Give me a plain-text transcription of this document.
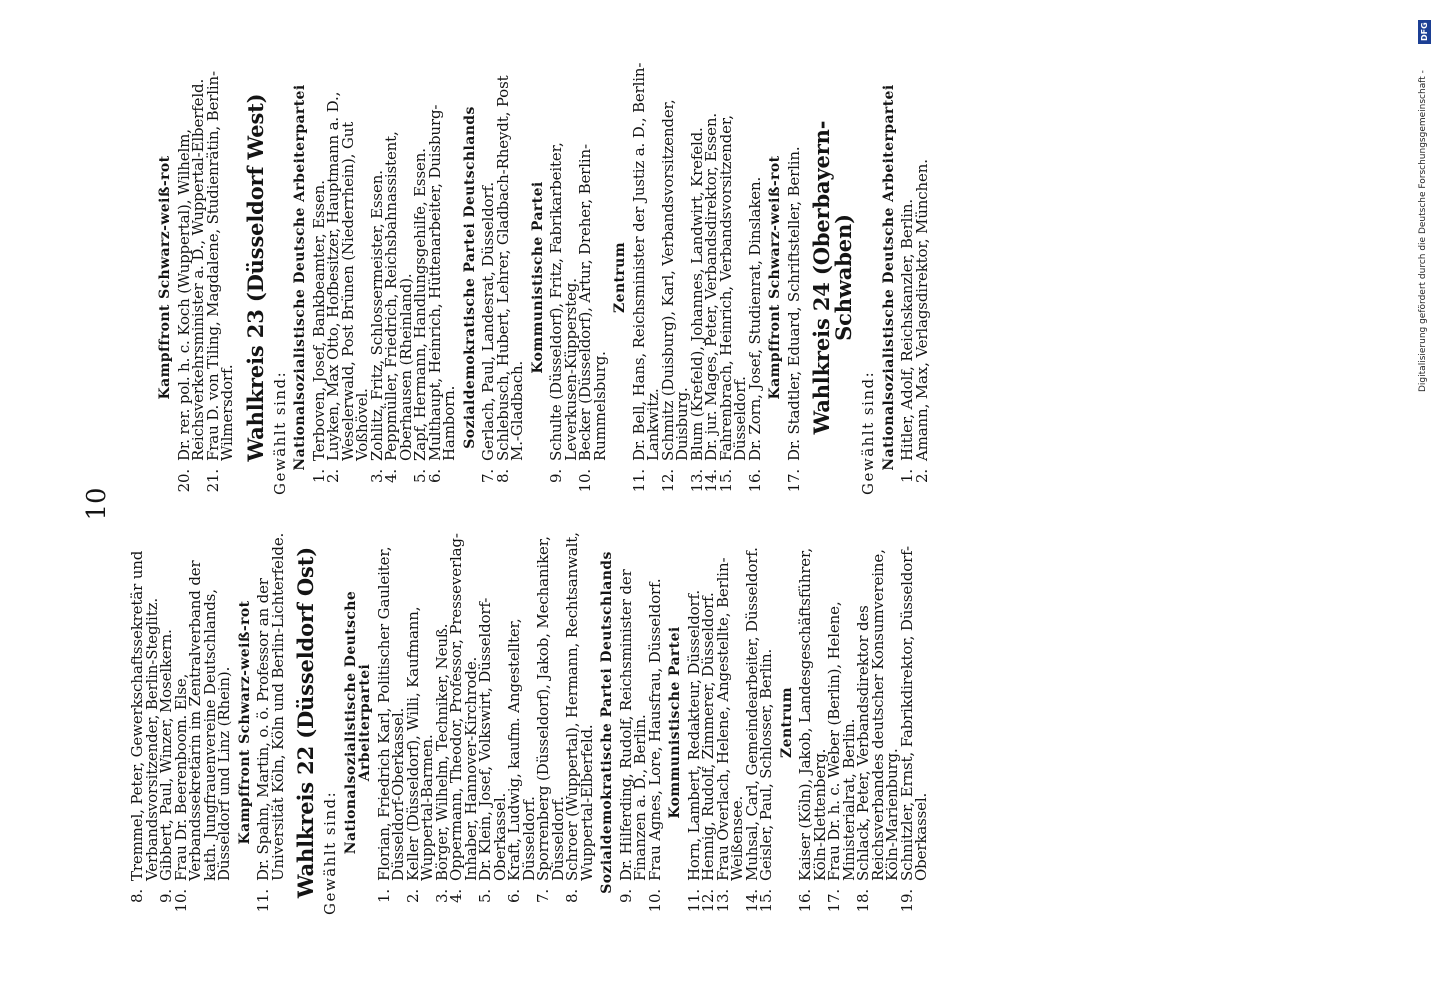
10
8.
Tremmel, Peter, Gewerkschaftssekretär und Verbandsvorsitzender, Berlin-Steglitz.
9.
Gibbert, Paul, Winzer, Moselkern.
10.
Frau Dr. Beerenboom. Else, Verbandssekretärin im Zentralverband der kath. Jungfrauenvereine Deutschlands, Düsseldorf und Linz (Rhein). Kampffront Schwarz-weiß-rot
11.
Dr. Spahn, Martin, o. ö. Professor an der Universität Köln, Köln und Berlin-Lichterfelde. Wahlkreis 22 (Düsseldorf Ost) Gewählt sind: Nationalsozialistische Deutsche Arbeiterpartei
1.
Florian, Friedrich Karl, Politischer Gauleiter, Düsseldorf-Oberkassel.
2.
Keller (Düsseldorf), Willi, Kaufmann, Wuppertal-Barmen.
3.
Börger, Wilhelm, Techniker, Neuß.
4.
Oppermann, Theodor, Professor, Presseverlag-Inhaber, Hannover-Kirchrode.
5.
Dr. Klein, Josef, Volkswirt, Düsseldorf-Oberkassel.
6.
Kraft, Ludwig, kaufm. Angestellter, Düsseldorf.
7.
Sporrenberg (Düsseldorf), Jakob, Mechaniker, Düsseldorf.
8.
Schroer (Wuppertal), Hermann, Rechtsanwalt, Wuppertal-Elberfeld. Sozialdemokratische Partei Deutschlands
9.
Dr. Hilferding, Rudolf, Reichsminister der Finanzen a. D., Berlin.
10.
Frau Agnes, Lore, Hausfrau, Düsseldorf. Kommunistische Partei
11.
Horn, Lambert, Redakteur, Düsseldorf.
12.
Hennig, Rudolf, Zimmerer, Düsseldorf.
13.
Frau Overlach, Helene, Angestellte, Berlin-Weißensee.
14.
Muhsal, Carl, Gemeindearbeiter, Düsseldorf.
15.
Geisler, Paul, Schlosser, Berlin. Zentrum
16.
Kaiser (Köln), Jakob, Landesgeschäftsführer, Köln-Klettenberg.
17.
Frau Dr. h. c. Weber (Berlin), Helene, Ministerialrat, Berlin.
18.
Schlack, Peter, Verbandsdirektor des Reichsverbandes deutscher Konsumvereine, Köln-Marienburg.
19.
Schnitzler, Ernst, Fabrikdirektor, Düsseldorf-Oberkassel.
Kampffront Schwarz-weiß-rot
20.
Dr. rer. pol. h. c. Koch (Wuppertal), Wilhelm, Reichsverkehrsminister a. D., Wuppertal-Elberfeld.
21.
Frau D. von Tiling, Magdalene, Studienrätin, Berlin-Wilmersdorf. Wahlkreis 23 (Düsseldorf West) Gewählt sind: Nationalsozialistische Deutsche Arbeiterpartei
1.
Terboven, Josef, Bankbeamter, Essen.
2.
Luyken, Max Otto, Hofbesitzer, Hauptmann a. D., Weselerwald, Post Brünen (Niederrhein), Gut Voßhövel.
3.
Zohlitz, Fritz, Schlossermeister, Essen.
4.
Peppmüller, Friedrich, Reichsbahnassistent, Oberhausen (Rheinland).
5.
Zapf, Hermann, Handlungsgehilfe, Essen.
6.
Multhaupt, Heinrich, Hüttenarbeiter, Duisburg-Hamborn. Sozialdemokratische Partei Deutschlands
7.
Gerlach, Paul, Landesrat, Düsseldorf.
8.
Schlebusch, Hubert, Lehrer, Gladbach-Rheydt, Post M.-Gladbach.
Kommunistische Partei
9.
Schulte (Düsseldorf), Fritz, Fabrikarbeiter, Leverkusen-Küppersteg.
10.
Becker (Düsseldorf), Artur, Dreher, Berlin-Rummelsburg.
Zentrum
11.
Dr. Bell, Hans, Reichsminister der Justiz a. D., Berlin-Lankwitz.
12.
Schmitz (Duisburg), Karl, Verbandsvorsitzender, Duisburg.
13.
Blum (Krefeld), Johannes, Landwirt, Krefeld.
14.
Dr. jur. Mages, Peter, Verbandsdirektor, Essen.
15.
Fahrenbrach, Heinrich, Verbandsvorsitzender, Düsseldorf.
16.
Dr. Zorn, Josef, Studienrat, Dinslaken. Kampffront Schwarz-weiß-rot
17.
Dr. Stadtler, Eduard, Schriftsteller, Berlin. Wahlkreis 24 (Oberbayern-Schwaben)
Gewählt sind: Nationalsozialistische Deutsche Arbeiterpartei
1.
Hitler, Adolf, Reichskanzler, Berlin.
2.
Amann, Max, Verlagsdirektor, München.
DFG
Digitalisierung gefördert durch die Deutsche Forschungsgemeinschaft -
